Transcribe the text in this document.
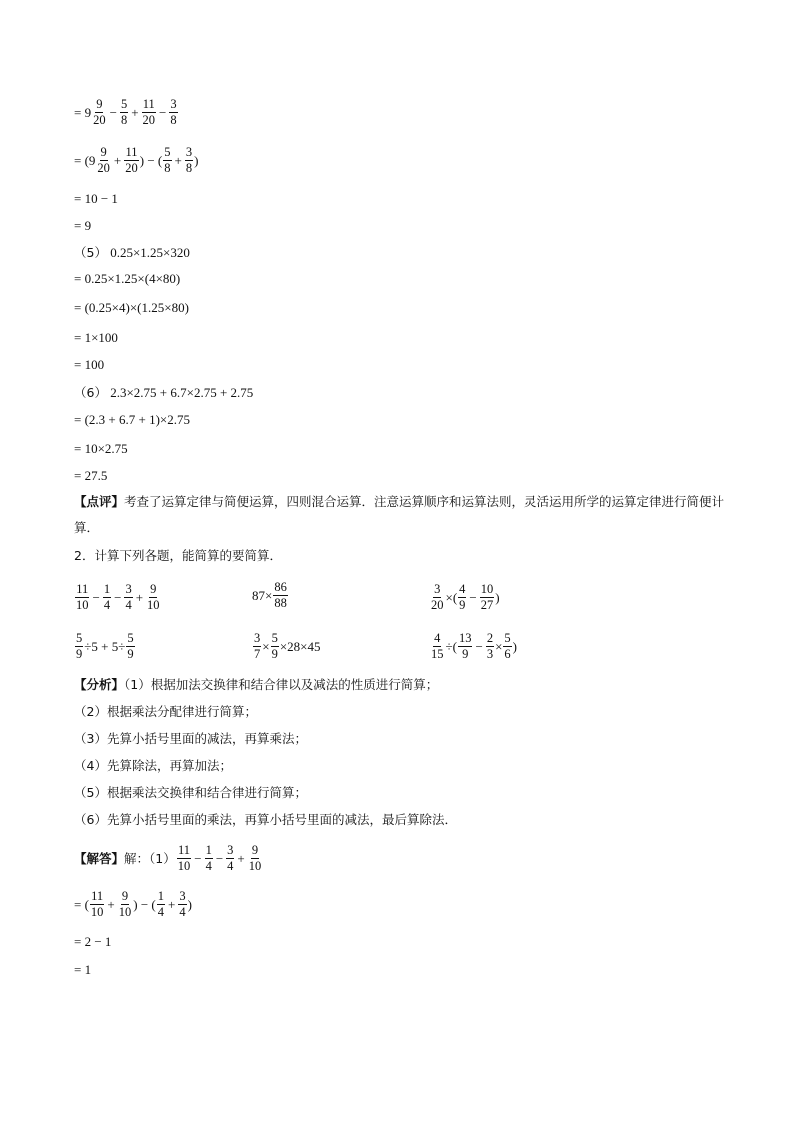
= $9 \frac{9}{20} - \frac{5}{8} + \frac{11}{20} - \frac{3}{8}$
= ($9 \frac{9}{20} + \frac{11}{20}$ ) − ( $\frac{5}{8} + \frac{3}{8}$ )
= 10 − 1
= 9
（5） 0.25×1.25×320
= 0.25×1.25×(4×80)
= (0.25×4)×(1.25×80)
= 1×100
= 100
（6） 2.3×2.75 + 6.7×2.75 + 2.75
= (2.3 + 6.7 + 1)×2.75
= 10×2.75
= 27.5
【点评】考查了运算定律与简便运算，四则混合运算．注意运算顺序和运算法则，灵活运用所学的运算定律进行简便计算．
2．计算下列各题，能简算的要简算．
$\frac{11}{10} - \frac{1}{4} - \frac{3}{4} + \frac{9}{10}$	$87\times \frac{86}{88}$	$\frac{3}{20}$ ×( $\frac{4}{9} - \frac{10}{27}$ )
$\frac{5}{9} \div 5 + 5\div \frac{5}{9}$	$\frac{3}{7} \times \frac{5}{9} \times 28\times 45$	$\frac{4}{15}$ ÷( $\frac{13}{9} - \frac{2}{3} \times \frac{5}{6}$ )
【分析】（1）根据加法交换律和结合律以及减法的性质进行简算；
（2）根据乘法分配律进行简算；
（3）先算小括号里面的减法，再算乘法；
（4）先算除法，再算加法；
（5）根据乘法交换律和结合律进行简算；
（6）先算小括号里面的乘法，再算小括号里面的减法，最后算除法．
【解答】 解：$(1) \frac{11}{10} - \frac{1}{4} - \frac{3}{4} + \frac{9}{10}$
= ( $\frac{11}{10} + \frac{9}{10}$ ) − ( $\frac{1}{4} + \frac{3}{4}$ )
= 2 − 1
= 1
